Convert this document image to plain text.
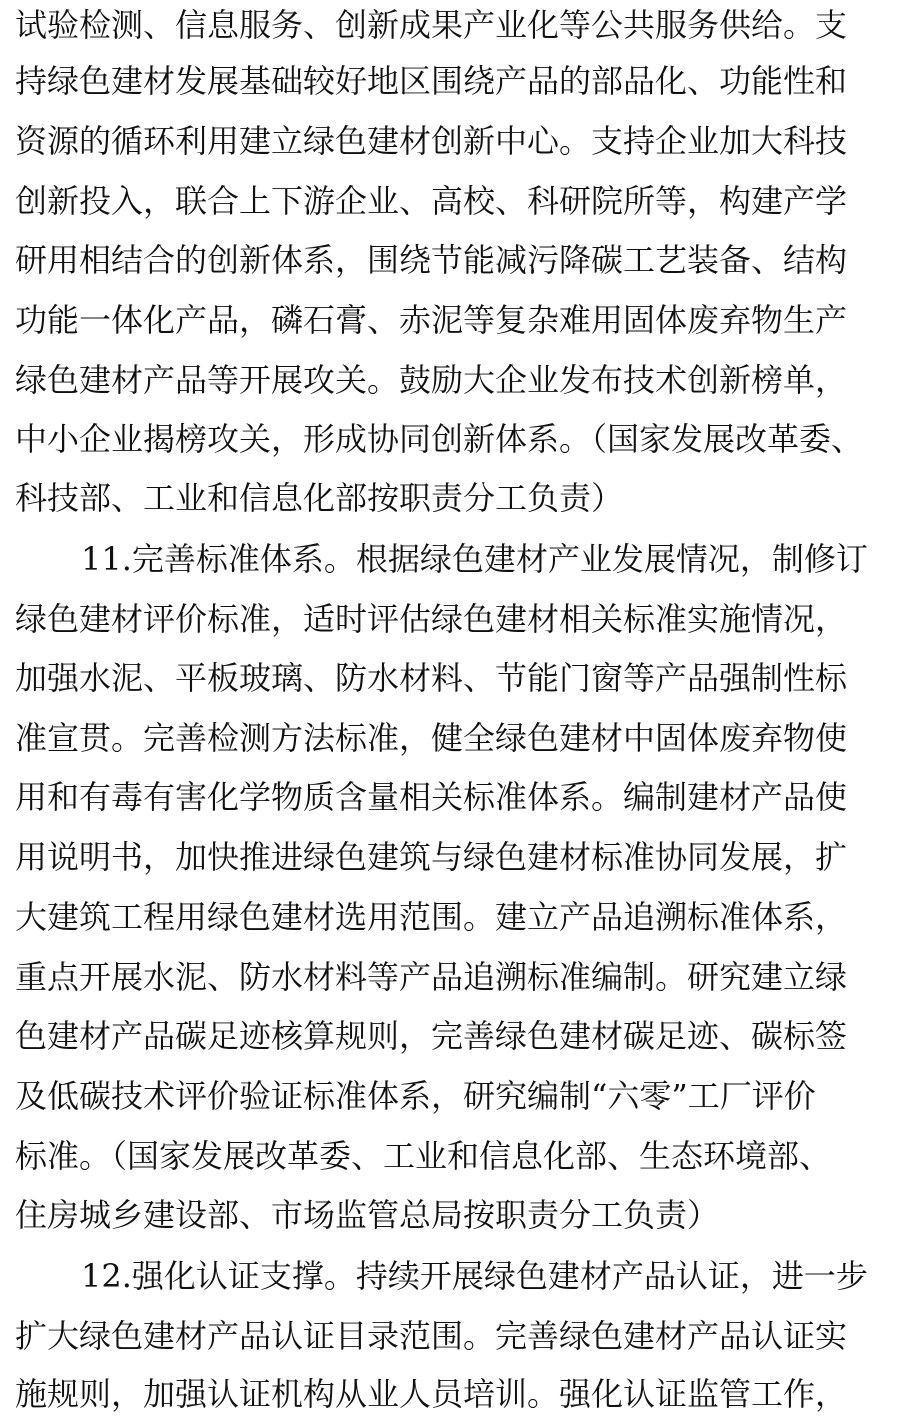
试验检测、信息服务、创新成果产业化等公共服务供给。支
持绿色建材发展基础较好地区围绕产品的部品化、功能性和
资源的循环利用建立绿色建材创新中心。支持企业加大科技
创新投入，联合上下游企业、高校、科研院所等，构建产学
研用相结合的创新体系，围绕节能减污降碳工艺装备、结构
功能一体化产品，磷石膏、赤泥等复杂难用固体废弃物生产
绿色建材产品等开展攻关。鼓励大企业发布技术创新榜单，
中小企业揭榜攻关，形成协同创新体系。（国家发展改革委、
科技部、工业和信息化部按职责分工负责）
11.完善标准体系。根据绿色建材产业发展情况，制修订
绿色建材评价标准，适时评估绿色建材相关标准实施情况，
加强水泥、平板玻璃、防水材料、节能门窗等产品强制性标
准宣贯。完善检测方法标准，健全绿色建材中固体废弃物使
用和有毒有害化学物质含量相关标准体系。编制建材产品使
用说明书，加快推进绿色建筑与绿色建材标准协同发展，扩
大建筑工程用绿色建材选用范围。建立产品追溯标准体系，
重点开展水泥、防水材料等产品追溯标准编制。研究建立绿
色建材产品碳足迹核算规则，完善绿色建材碳足迹、碳标签
及低碳技术评价验证标准体系，研究编制“六零”工厂评价
标准。（国家发展改革委、工业和信息化部、生态环境部、
住房城乡建设部、市场监管总局按职责分工负责）
12.强化认证支撑。持续开展绿色建材产品认证，进一步
扩大绿色建材产品认证目录范围。完善绿色建材产品认证实
施规则，加强认证机构从业人员培训。强化认证监管工作，
